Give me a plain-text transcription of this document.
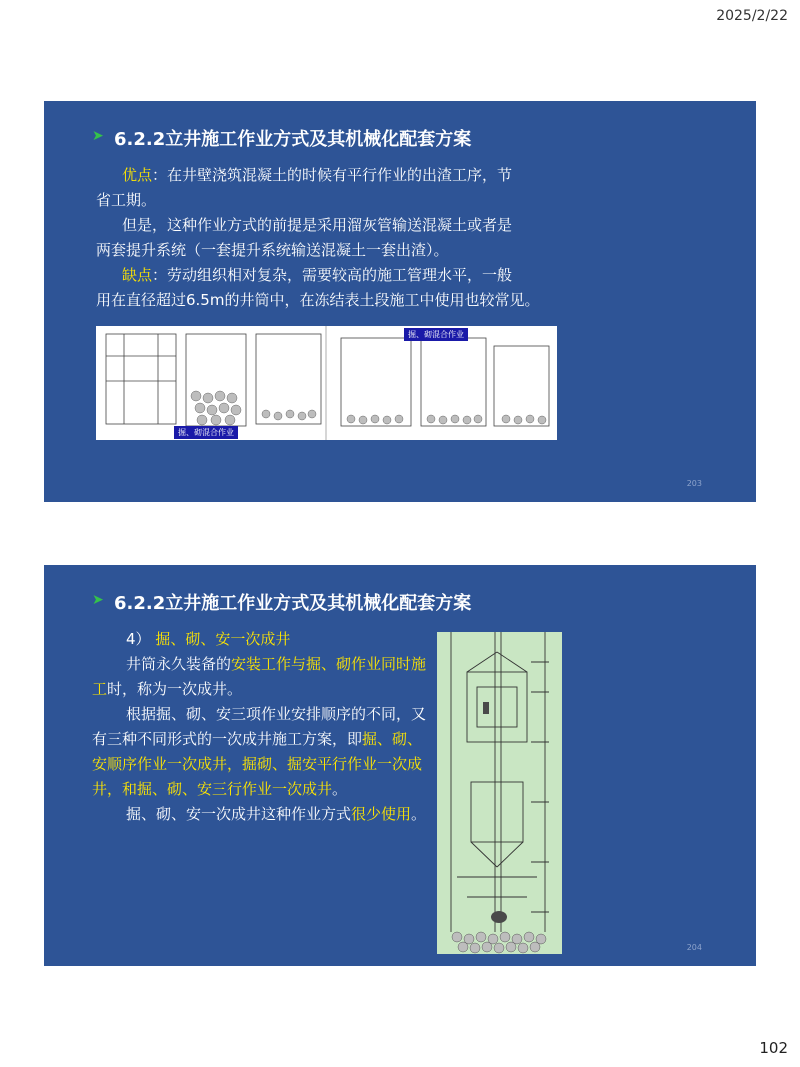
2025/2/22
➤ 6.2.2立井施工作业方式及其机械化配套方案
优点：在井壁浇筑混凝土的时候有平行作业的出渣工序，节
省工期。
但是，这种作业方式的前提是采用溜灰管输送混凝土或者是
两套提升系统（一套提升系统输送混凝土一套出渣）。
缺点：劳动组织相对复杂，需要较高的施工管理水平，一般
用在直径超过6.5m的井筒中，在冻结表土段施工中使用也较常见。
掘、砌混合作业
掘、砌混合作业
203
➤ 6.2.2立井施工作业方式及其机械化配套方案
4） 掘、砌、安一次成井
井筒永久装备的安装工作与掘、砌作业同时施工时，称为一次成井。
根据掘、砌、安三项作业安排顺序的不同，又有三种不同形式的一次成井施工方案，即掘、砌、安顺序作业一次成井，掘砌、掘安平行作业一次成井，和掘、砌、安三行作业一次成井。
掘、砌、安一次成井这种作业方式很少使用。
204
102
